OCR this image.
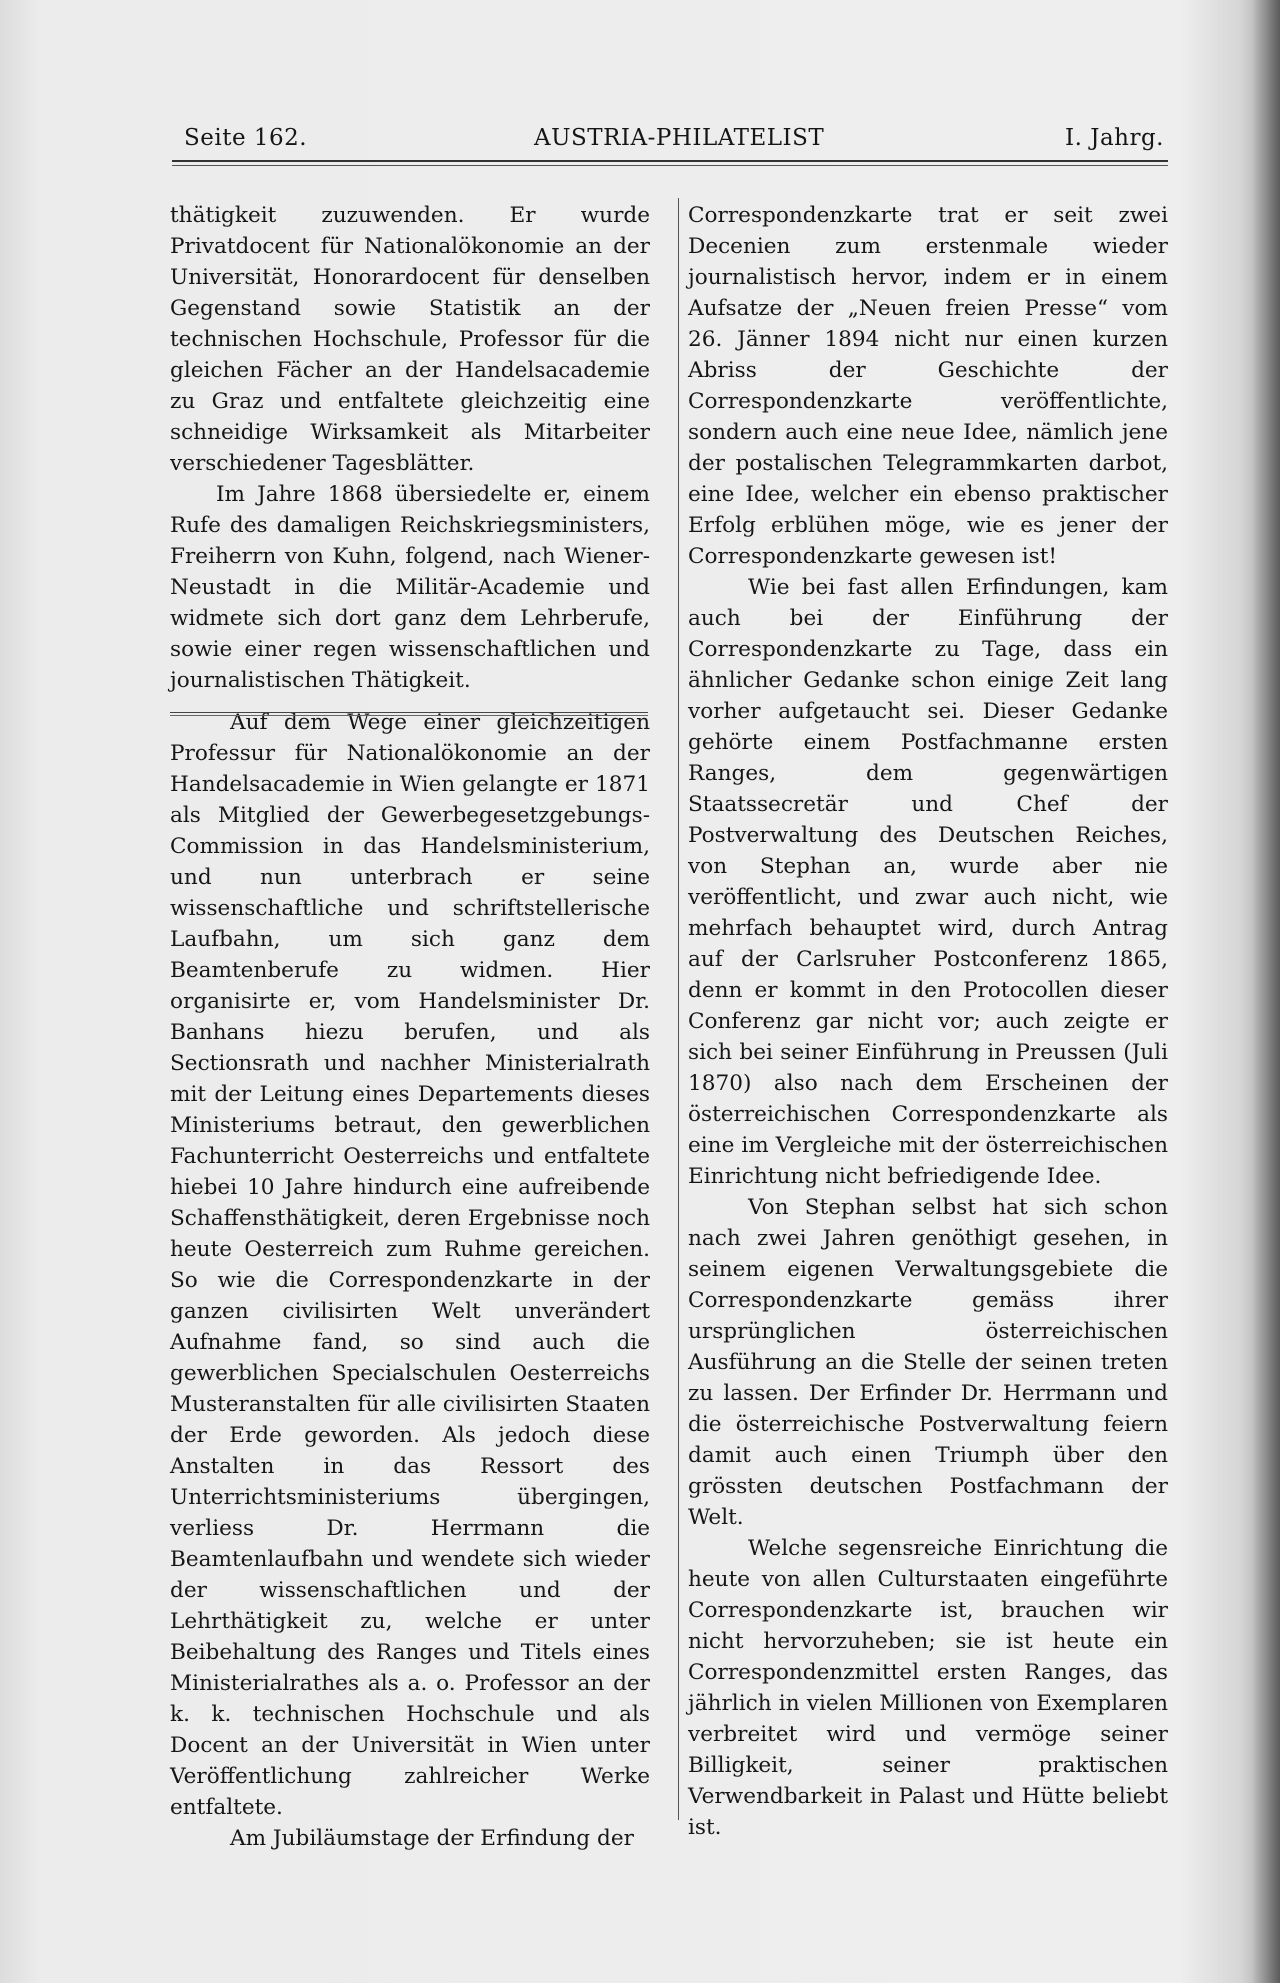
Seite 162.	AUSTRIA-PHILATELIST	I. Jahrg.

thätigkeit zuzuwenden. Er wurde Privatdocent für Nationalökonomie an der Universität, Honorardocent für denselben Gegenstand sowie Statistik an der technischen Hochschule, Professor für die gleichen Fächer an der Handelsacademie zu Graz und entfaltete gleichzeitig eine schneidige Wirksamkeit als Mitarbeiter verschiedener Tagesblätter.

Im Jahre 1868 übersiedelte er, einem Rufe des damaligen Reichskriegsministers, Freiherrn von Kuhn, folgend, nach Wiener-Neustadt in die Militär-Academie und widmete sich dort ganz dem Lehrberufe, sowie einer regen wissenschaftlichen und journalistischen Thätigkeit.

Auf dem Wege einer gleichzeitigen Professur für Nationalökonomie an der Handelsacademie in Wien gelangte er 1871 als Mitglied der Gewerbegesetzgebungs-Commission in das Handelsministerium, und nun unterbrach er seine wissenschaftliche und schriftstellerische Laufbahn, um sich ganz dem Beamtenberufe zu widmen. Hier organisirte er, vom Handelsminister Dr. Banhans hiezu berufen, und als Sectionsrath und nachher Ministerialrath mit der Leitung eines Departements dieses Ministeriums betraut, den gewerblichen Fachunterricht Oesterreichs und entfaltete hiebei 10 Jahre hindurch eine aufreibende Schaffensthätigkeit, deren Ergebnisse noch heute Oesterreich zum Ruhme gereichen. So wie die Correspondenzkarte in der ganzen civilisirten Welt unverändert Aufnahme fand, so sind auch die gewerblichen Specialschulen Oesterreichs Musteranstalten für alle civilisirten Staaten der Erde geworden. Als jedoch diese Anstalten in das Ressort des Unterrichtsministeriums übergingen, verliess Dr. Herrmann die Beamtenlaufbahn und wendete sich wieder der wissenschaftlichen und der Lehrthätigkeit zu, welche er unter Beibehaltung des Ranges und Titels eines Ministerialrathes als a. o. Professor an der k. k. technischen Hochschule und als Docent an der Universität in Wien unter Veröffentlichung zahlreicher Werke entfaltete.

Am Jubiläumstage der Erfindung der

Correspondenzkarte trat er seit zwei Decenien zum erstenmale wieder journalistisch hervor, indem er in einem Aufsatze der „Neuen freien Presse“ vom 26. Jänner 1894 nicht nur einen kurzen Abriss der Geschichte der Correspondenzkarte veröffentlichte, sondern auch eine neue Idee, nämlich jene der postalischen Telegrammkarten darbot, eine Idee, welcher ein ebenso praktischer Erfolg erblühen möge, wie es jener der Correspondenzkarte gewesen ist!

Wie bei fast allen Erfindungen, kam auch bei der Einführung der Correspondenzkarte zu Tage, dass ein ähnlicher Gedanke schon einige Zeit lang vorher aufgetaucht sei. Dieser Gedanke gehörte einem Postfachmanne ersten Ranges, dem gegenwärtigen Staatssecretär und Chef der Postverwaltung des Deutschen Reiches, von Stephan an, wurde aber nie veröffentlicht, und zwar auch nicht, wie mehrfach behauptet wird, durch Antrag auf der Carlsruher Postconferenz 1865, denn er kommt in den Protocollen dieser Conferenz gar nicht vor; auch zeigte er sich bei seiner Einführung in Preussen (Juli 1870) also nach dem Erscheinen der österreichischen Correspondenzkarte als eine im Vergleiche mit der österreichischen Einrichtung nicht befriedigende Idee.

Von Stephan selbst hat sich schon nach zwei Jahren genöthigt gesehen, in seinem eigenen Verwaltungsgebiete die Correspondenzkarte gemäss ihrer ursprünglichen österreichischen Ausführung an die Stelle der seinen treten zu lassen. Der Erfinder Dr. Herrmann und die österreichische Postverwaltung feiern damit auch einen Triumph über den grössten deutschen Postfachmann der Welt.

Welche segensreiche Einrichtung die heute von allen Culturstaaten eingeführte Correspondenzkarte ist, brauchen wir nicht hervorzuheben; sie ist heute ein Correspondenzmittel ersten Ranges, das jährlich in vielen Millionen von Exemplaren verbreitet wird und vermöge seiner Billigkeit, seiner praktischen Verwendbarkeit in Palast und Hütte beliebt ist.
